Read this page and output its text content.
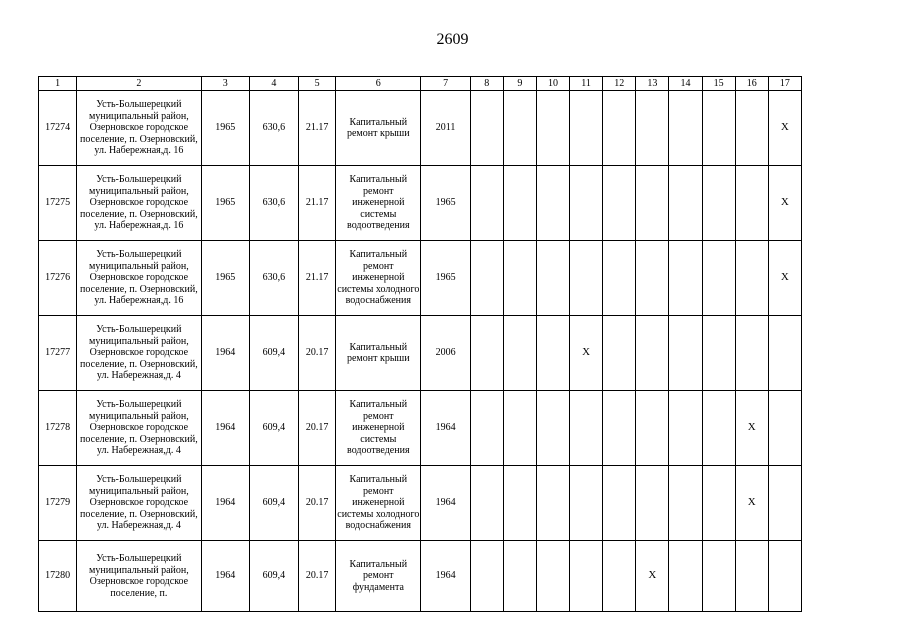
2609
1	2	3	4	5	6	7	8	9	10	11	12	13	14	15	16	17
17274	Усть-Большерецкий муниципальный район, Озерновское городское поселение, п. Озерновский, ул. Набережная,д. 16	1965	630,6	21.17	Капитальный ремонт крыши	2011										Х
17275	Усть-Большерецкий муниципальный район, Озерновское городское поселение, п. Озерновский, ул. Набережная,д. 16	1965	630,6	21.17	Капитальный ремонт инженерной системы водоотведения	1965										Х
17276	Усть-Большерецкий муниципальный район, Озерновское городское поселение, п. Озерновский, ул. Набережная,д. 16	1965	630,6	21.17	Капитальный ремонт инженерной системы холодного водоснабжения	1965										Х
17277	Усть-Большерецкий муниципальный район, Озерновское городское поселение, п. Озерновский, ул. Набережная,д. 4	1964	609,4	20.17	Капитальный ремонт крыши	2006				Х						
17278	Усть-Большерецкий муниципальный район, Озерновское городское поселение, п. Озерновский, ул. Набережная,д. 4	1964	609,4	20.17	Капитальный ремонт инженерной системы водоотведения	1964									Х	
17279	Усть-Большерецкий муниципальный район, Озерновское городское поселение, п. Озерновский, ул. Набережная,д. 4	1964	609,4	20.17	Капитальный ремонт инженерной системы холодного водоснабжения	1964									Х	
17280	Усть-Большерецкий муниципальный район, Озерновское городское поселение, п.	1964	609,4	20.17	Капитальный ремонт фундамента	1964						Х				
